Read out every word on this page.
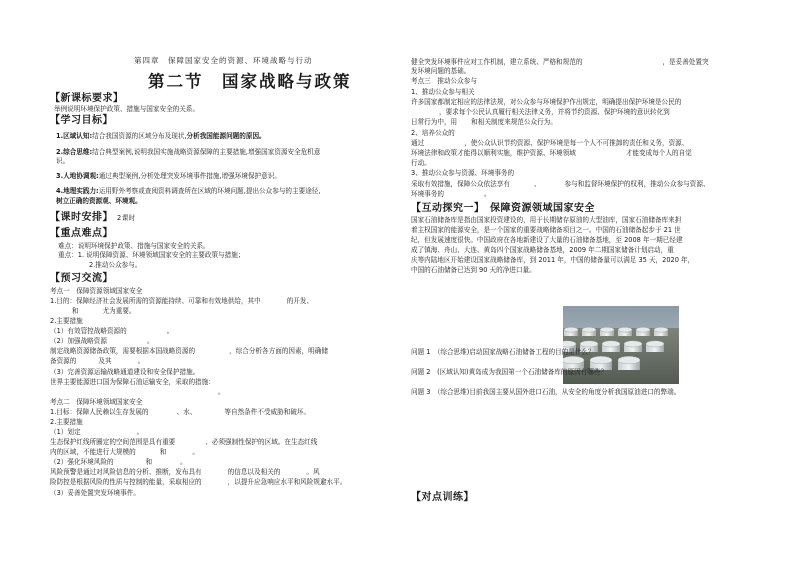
第四章　保障国家安全的资源、环境战略与行动
第二节　国家战略与政策
【新课标要求】
举例说明环境保护政策、措施与国家安全的关系。
【学习目标】
1.区域认知:结合我国资源的区域分布及现状,分析我国能源问题的原因。
2.综合思维:结合典型案例,说明我国实施战略资源保障的主要措施,增强国家资源安全危机意
识。
3.人地协调观:通过典型案例,分析处理突发环境事件措施,增强环境保护意识。
4.地理实践力:运用野外考察或查阅资料调查所在区域的环境问题,提出公众参与的主要途径,
树立正确的资源观、环境观。
【课时安排】 2课时
【重点难点】
难点：说明环境保护政策、措施与国家安全的关系。
重点：1. 说明保障资源、环境领域国家安全的主要政策与措施；
2.推动公众参与。
【预习交流】
考点一　保障资源领域国家安全
1.目的：保障经济社会发展所需的资源能持续、可靠和有效地供给，其中	的开发、
和	尤为重要。
2.主要措施
（1）有效管控战略资源的	。
（2）加强战略资源	。
制定战略资源储备政策，需要根据本国战略资源的	，综合分析各方面的因素，明确储
备资源的	及其	。
（3）完善资源运输战略通道建设和安全保护措施。
世界主要能源进口国为保障石油运输安全，采取的措施：
。
考点二　保障环境领域国家安全
1.目标：保障人民赖以生存发展的	、水、	等自然条件不受威胁和破坏。
2.主要措施
（1）划定	。
生态保护红线所圈定的空间范围是具有重要	、必须强制性保护的区域。在生态红线
内的区域，不能进行大规模的	和	。
（2）强化环境风险的	和	。
风险预警是通过对风险信息的分析、推断，发布具有	的信息以及相关的	。风
险防控是根据风险的性质与控制的能量，采取相应的	，以提升应急响应水平和风险规避水平。
（3）妥善处置突发环境事件。
健全突发环境事件应对工作机制，建立系统、严格和规范的	，是妥善处置突
发环境问题的基础。
考点三　推动公众参与
1、推动公众参与相关
许多国家都制定相应的法律法规，对公众参与环境保护作出规定，明确提出保护环境是公民的
，要求每个公民认真履行相关法律义务，并将节约资源、保护环境的意识转化到
日常行为中，用 和相关制度来规范公众行为。
2、培养公众的
通过	，使公众认识节约资源、保护环境是每一个人不可推卸的责任和义务，资源、
环境法律和政策才能得以顺利实施，维护资源、环境领域	才能变成每个人的自觉
行动。
3、推动公众参与资源、环境事务的
采取有效措施，保障公众依法享有	、	参与和监督环境保护的权利，推动公众参与资源、
环境事务的	。
【互动探究一】　保障资源领域国家安全
国家石油储备库是指由国家投资建设的，用于长期储存原油的大型油库，国家石油储备库来担
着主权国家的能源安全，是一个国家的重要战略储备项目之一。中国的石油储备起步于 21 世
纪，但发展速度很快。中国政府在各地新建设了大量的石油储备基地，至 2008 年一期已经建
成了镇海、舟山、大连、黄岛四个国家战略储备基地，2009 年二期国家储备计划启动，重
庆等内陆地区开始建设国家战略储备库，到 2011 年，中国的储备量可以满足 35 天，2020 年，
中国的石油储备已达到 90 天的净进口量。
问题 1　（综合思维)启动国家战略石油储备工程的目的是什么？
问题 2　(区域认知)黄岛成为我国第一个石油储备库的原因有哪些？
问题 3　（综合思维)目前我国主要从国外进口石油，从安全的角度分析我国原油进口的弊端。
【对点训练】
